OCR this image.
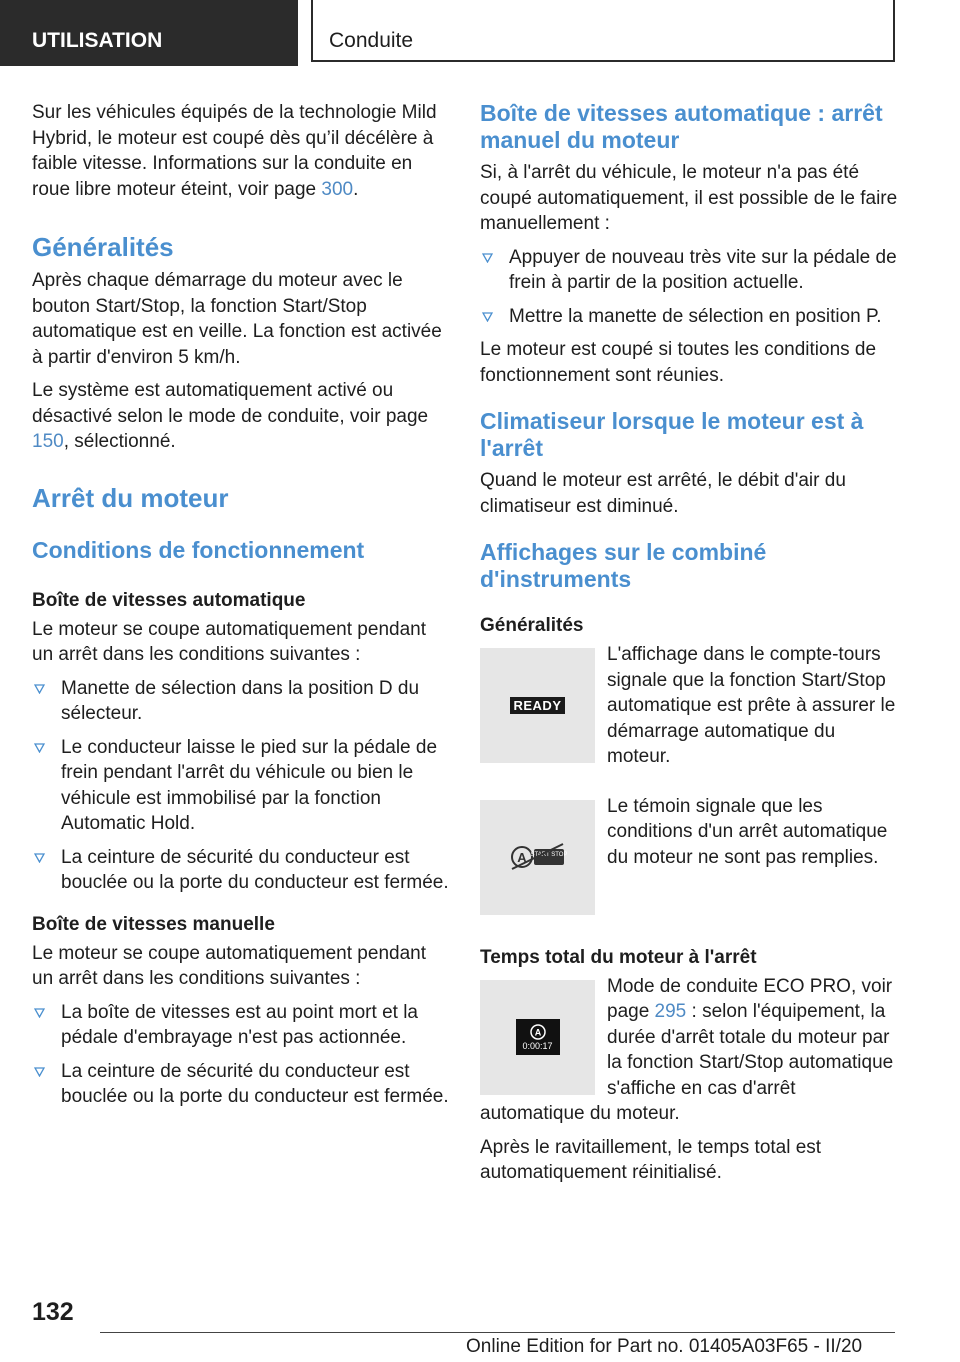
UTILISATION	Conduite

Sur les véhicules équipés de la technologie Mild Hybrid, le moteur est coupé dès qu’il décélère à faible vitesse. Informations sur la conduite en roue libre moteur éteint, voir page 300.

Généralités

Après chaque démarrage du moteur avec le bouton Start/Stop, la fonction Start/Stop automatique est en veille. La fonction est activée à partir d'environ 5 km/h.

Le système est automatiquement activé ou désactivé selon le mode de conduite, voir page 150, sélectionné.

Arrêt du moteur
Conditions de fonctionnement
Boîte de vitesses automatique

Le moteur se coupe automatiquement pendant un arrêt dans les conditions suivantes :

Manette de sélection dans la position D du sélecteur.
Le conducteur laisse le pied sur la pédale de frein pendant l'arrêt du véhicule ou bien le véhicule est immobilisé par la fonction Automatic Hold.
La ceinture de sécurité du conducteur est bouclée ou la porte du conducteur est fermée.
Boîte de vitesses manuelle

Le moteur se coupe automatiquement pendant un arrêt dans les conditions suivantes :

La boîte de vitesses est au point mort et la pédale d'embrayage n'est pas actionnée.
La ceinture de sécurité du conducteur est bouclée ou la porte du conducteur est fermée.
Boîte de vitesses automatique : arrêt manuel du moteur

Si, à l'arrêt du véhicule, le moteur n'a pas été coupé automatiquement, il est possible de le faire manuellement :

Appuyer de nouveau très vite sur la pédale de frein à partir de la position actuelle.
Mettre la manette de sélection en position P.

Le moteur est coupé si toutes les conditions de fonctionnement sont réunies.

Climatiseur lorsque le moteur est à l'arrêt

Quand le moteur est arrêté, le débit d'air du climatiseur est diminué.

Affichages sur le combiné d'instruments
Généralités
READY

L'affichage dans le compte-tours signale que la fonction Start/Stop automatique est prête à assurer le démarrage automatique du moteur.

A START STOP

Le témoin signale que les conditions d'un arrêt automatique du moteur ne sont pas remplies.

Temps total du moteur à l'arrêt
A
0:00:17

Mode de conduite ECO PRO, voir page 295 : selon l'équipement, la durée d'arrêt totale du moteur par la fonction Start/Stop automatique s'affiche en cas d'arrêt automatique du moteur.

Après le ravitaillement, le temps total est automatiquement réinitialisé.

132
Online Edition for Part no. 01405A03F65 - II/20
